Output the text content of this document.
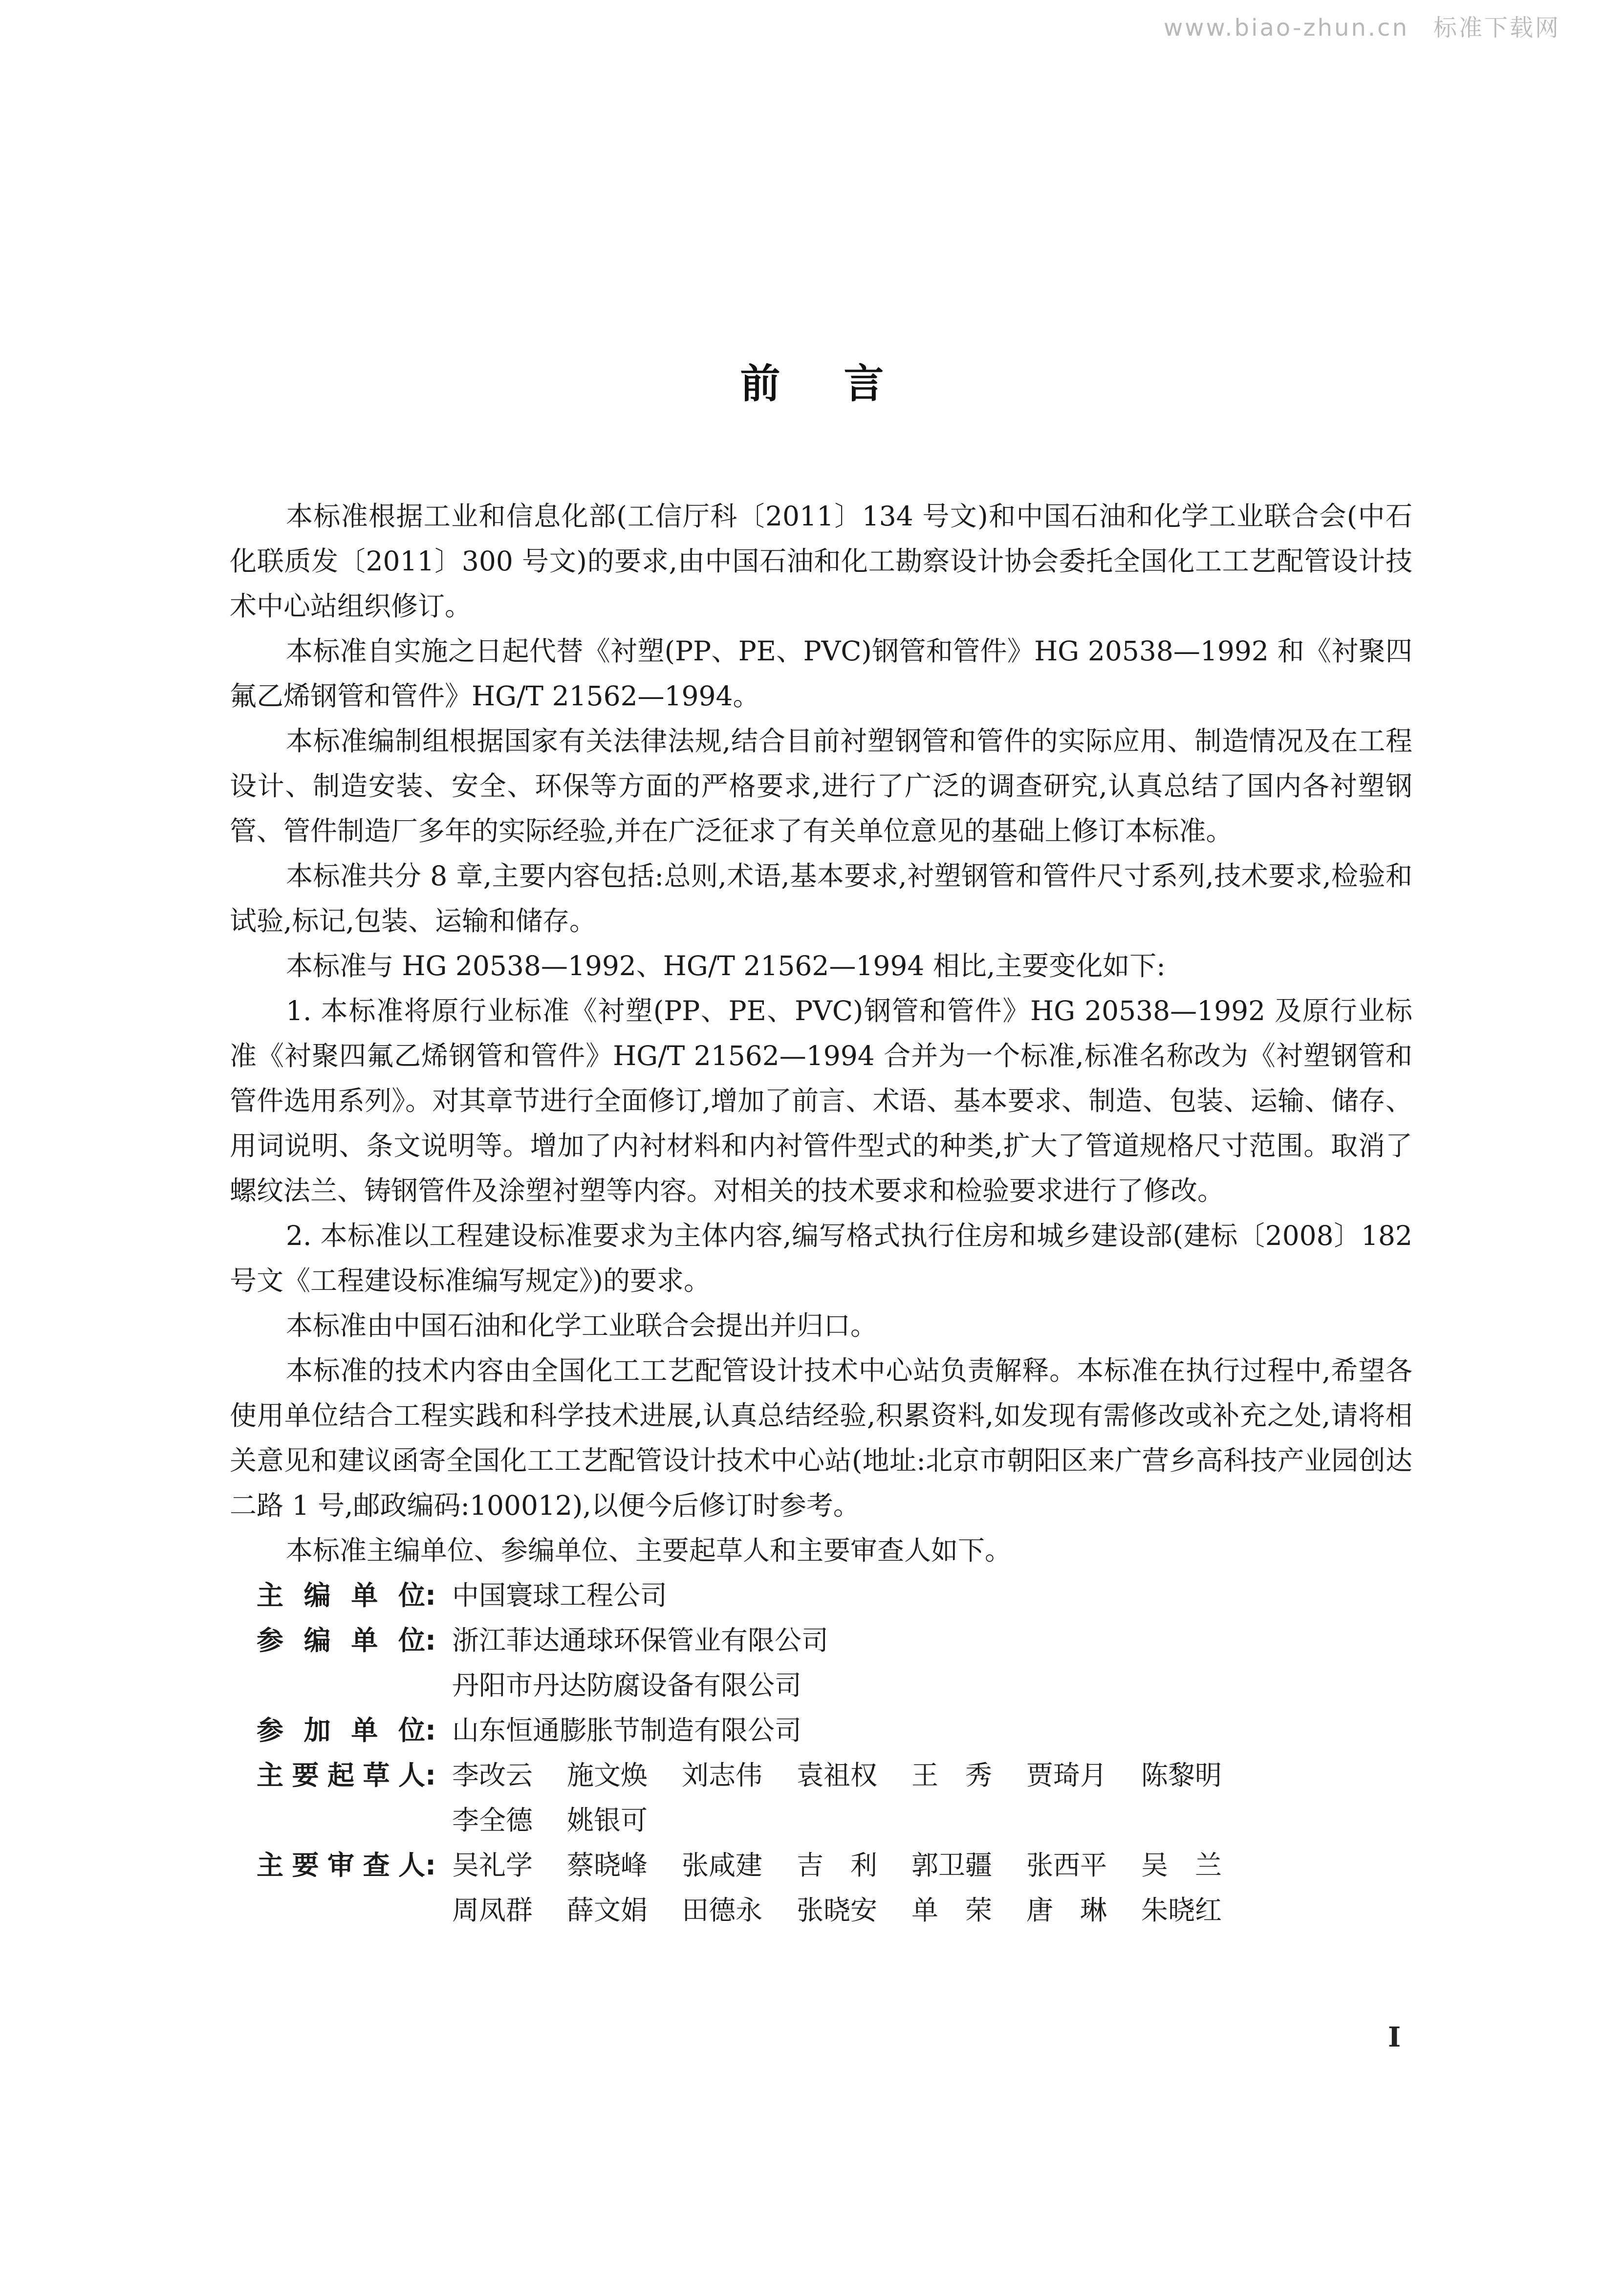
www.biao-zhun.cn 标准下载网
前言

本标准根据工业和信息化部(工信厅科〔2011〕134 号文)和中国石油和化学工业联合会(中石化联质发〔2011〕300 号文)的要求,由中国石油和化工勘察设计协会委托全国化工工艺配管设计技术中心站组织修订。

本标准自实施之日起代替《衬塑(PP、PE、PVC)钢管和管件》HG 20538—1992 和《衬聚四氟乙烯钢管和管件》HG/T 21562—1994。

本标准编制组根据国家有关法律法规,结合目前衬塑钢管和管件的实际应用、制造情况及在工程设计、制造安装、安全、环保等方面的严格要求,进行了广泛的调查研究,认真总结了国内各衬塑钢管、管件制造厂多年的实际经验,并在广泛征求了有关单位意见的基础上修订本标准。

本标准共分 8 章,主要内容包括:总则,术语,基本要求,衬塑钢管和管件尺寸系列,技术要求,检验和试验,标记,包装、运输和储存。

本标准与 HG 20538—1992、HG/T 21562—1994 相比,主要变化如下:

1. 本标准将原行业标准《衬塑(PP、PE、PVC)钢管和管件》HG 20538—1992 及原行业标准《衬聚四氟乙烯钢管和管件》HG/T 21562—1994 合并为一个标准,标准名称改为《衬塑钢管和管件选用系列》。对其章节进行全面修订,增加了前言、术语、基本要求、制造、包装、运输、储存、用词说明、条文说明等。增加了内衬材料和内衬管件型式的种类,扩大了管道规格尺寸范围。取消了螺纹法兰、铸钢管件及涂塑衬塑等内容。对相关的技术要求和检验要求进行了修改。

2. 本标准以工程建设标准要求为主体内容,编写格式执行住房和城乡建设部(建标〔2008〕182 号文《工程建设标准编写规定》)的要求。

本标准由中国石油和化学工业联合会提出并归口。

本标准的技术内容由全国化工工艺配管设计技术中心站负责解释。本标准在执行过程中,希望各使用单位结合工程实践和科学技术进展,认真总结经验,积累资料,如发现有需修改或补充之处,请将相关意见和建议函寄全国化工工艺配管设计技术中心站(地址:北京市朝阳区来广营乡高科技产业园创达二路 1 号,邮政编码:100012),以便今后修订时参考。

本标准主编单位、参编单位、主要起草人和主要审查人如下。

主编单位 : 中国寰球工程公司
参编单位 : 浙江菲达通球环保管业有限公司
丹阳市丹达防腐设备有限公司
参加单位 : 山东恒通膨胀节制造有限公司
主要起草人 : 李改云	施文焕	刘志伟	袁祖权	王　秀	贾琦月	陈黎明
李全德	姚银可
主要审查人 : 吴礼学	蔡晓峰	张咸建	吉　利	郭卫疆	张西平	吴　兰
周凤群	薛文娟	田德永	张晓安	单　荣	唐　琳	朱晓红
I
